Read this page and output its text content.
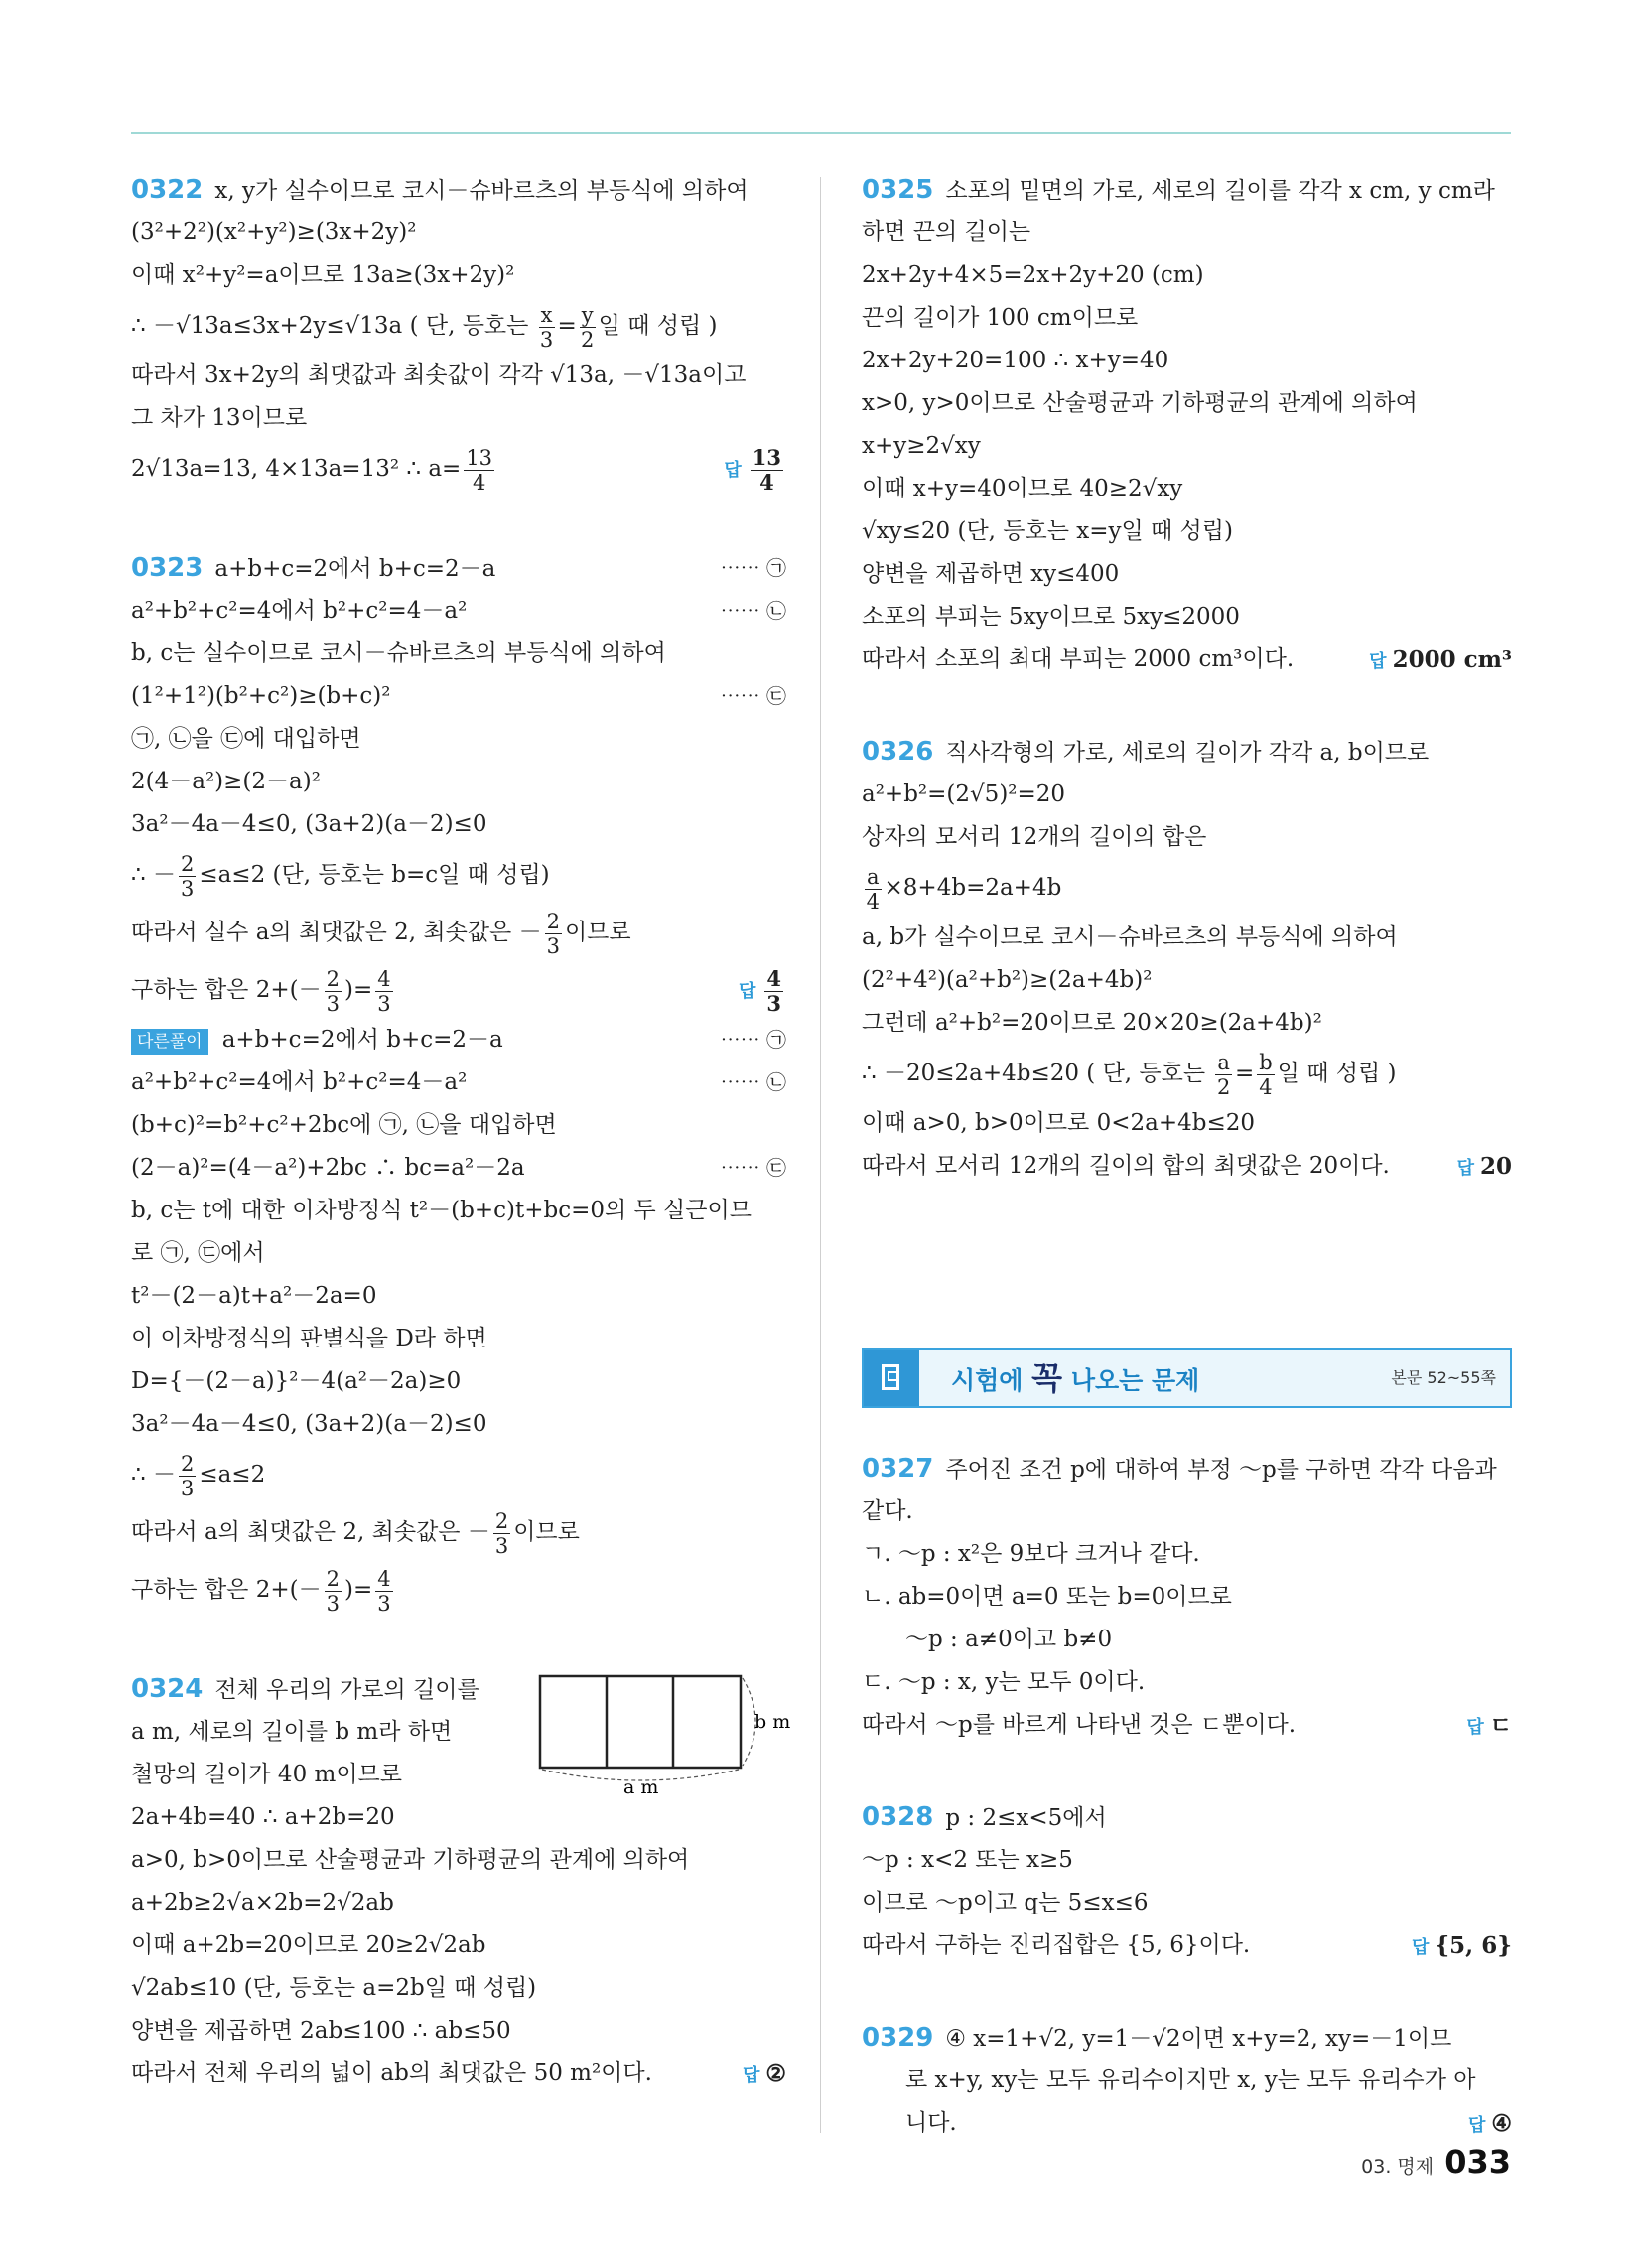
0322 x, y가 실수이므로 코시－슈바르츠의 부등식에 의하여
(3²+2²)(x²+y²)≥(3x+2y)²
이때 x²+y²=a이므로 13a≥(3x+2y)²
∴ －√13a≤3x+2y≤√13a ( 단, 등호는 $\frac{x}{3} = \frac{y}{2}$ 일 때 성립 )
따라서 3x+2y의 최댓값과 최솟값이 각각 √13a, －√13a이고
그 차가 13이므로
2√13a=13, 4×13a=13² ∴ $a= \frac{13}{4}$	답 $\frac{13}{4}$
0323 a+b+c=2에서 b+c=2－a	⋯⋯ ㉠
a²+b²+c²=4에서 b²+c²=4－a²	⋯⋯ ㉡
b, c는 실수이므로 코시－슈바르츠의 부등식에 의하여
(1²+1²)(b²+c²)≥(b+c)²	⋯⋯ ㉢
㉠, ㉡을 ㉢에 대입하면
2(4－a²)≥(2－a)²
3a²－4a－4≤0, (3a+2)(a－2)≤0
∴ － $\frac{2}{3} \le a\le 2$ (단, 등호는 b=c일 때 성립)
따라서 실수 a의 최댓값은 2, 최솟값은 － $\frac{2}{3}$ 이므로
구하는 합은 $2+(- \frac{2}{3}$ )= $\frac{4}{3}$	답 $\frac{4}{3}$
다른풀이 a+b+c=2에서 b+c=2－a	⋯⋯ ㉠
a²+b²+c²=4에서 b²+c²=4－a²	⋯⋯ ㉡
(b+c)²=b²+c²+2bc에 ㉠, ㉡을 대입하면
(2－a)²=(4－a²)+2bc ∴ bc=a²－2a	⋯⋯ ㉢
b, c는 t에 대한 이차방정식 t²－(b+c)t+bc=0의 두 실근이므
로 ㉠, ㉢에서
t²－(2－a)t+a²－2a=0
이 이차방정식의 판별식을 D라 하면
D={－(2－a)}²－4(a²－2a)≥0
3a²－4a－4≤0, (3a+2)(a－2)≤0
∴ － $\frac{2}{3} \le a\le 2$
따라서 a의 최댓값은 2, 최솟값은 － $\frac{2}{3}$ 이므로
구하는 합은 $2+(- \frac{2}{3}$ )= $\frac{4}{3}$
b m
a m
0324 전체 우리의 가로의 길이를
a m, 세로의 길이를 b m라 하면
철망의 길이가 40 m이므로
2a+4b=40 ∴ a+2b=20
a>0, b>0이므로 산술평균과 기하평균의 관계에 의하여
a+2b≥2√a×2b=2√2ab
이때 a+2b=20이므로 20≥2√2ab
√2ab≤10 (단, 등호는 a=2b일 때 성립)
양변을 제곱하면 2ab≤100 ∴ ab≤50
따라서 전체 우리의 넓이 ab의 최댓값은 50 m²이다.	답 ②
0325 소포의 밑면의 가로, 세로의 길이를 각각 x cm, y cm라
하면 끈의 길이는
2x+2y+4×5=2x+2y+20 (cm)
끈의 길이가 100 cm이므로
2x+2y+20=100 ∴ x+y=40
x>0, y>0이므로 산술평균과 기하평균의 관계에 의하여
x+y≥2√xy
이때 x+y=40이므로 40≥2√xy
√xy≤20 (단, 등호는 x=y일 때 성립)
양변을 제곱하면 xy≤400
소포의 부피는 5xy이므로 5xy≤2000
따라서 소포의 최대 부피는 2000 cm³이다.	답 2000 cm³
0326 직사각형의 가로, 세로의 길이가 각각 a, b이므로
a²+b²=(2√5)²=20
상자의 모서리 12개의 길이의 합은
$\frac{a}{4} \times 8+4b=2a+4b$
a, b가 실수이므로 코시－슈바르츠의 부등식에 의하여
(2²+4²)(a²+b²)≥(2a+4b)²
그런데 a²+b²=20이므로 20×20≥(2a+4b)²
∴ －20≤2a+4b≤20 ( 단, 등호는 $\frac{a}{2} = \frac{b}{4}$ 일 때 성립 )
이때 a>0, b>0이므로 0<2a+4b≤20
따라서 모서리 12개의 길이의 합의 최댓값은 20이다.	답 20
시험에 꼭 나오는 문제	본문 52~55쪽
0327 주어진 조건 p에 대하여 부정 ～p를 구하면 각각 다음과
같다.
ㄱ. ～p : x²은 9보다 크거나 같다.
ㄴ. ab=0이면 a=0 또는 b=0이므로
～p : a≠0이고 b≠0
ㄷ. ～p : x, y는 모두 0이다.
따라서 ～p를 바르게 나타낸 것은 ㄷ뿐이다.	답 ㄷ
0328 p : 2≤x<5에서
～p : x<2 또는 x≥5
이므로 ～p이고 q는 5≤x≤6
따라서 구하는 진리집합은 {5, 6}이다.	답 {5, 6}
0329 ④ x=1+√2, y=1－√2이면 x+y=2, xy=－1이므
로 x+y, xy는 모두 유리수이지만 x, y는 모두 유리수가 아
니다.	답 ④
03. 명제 033
